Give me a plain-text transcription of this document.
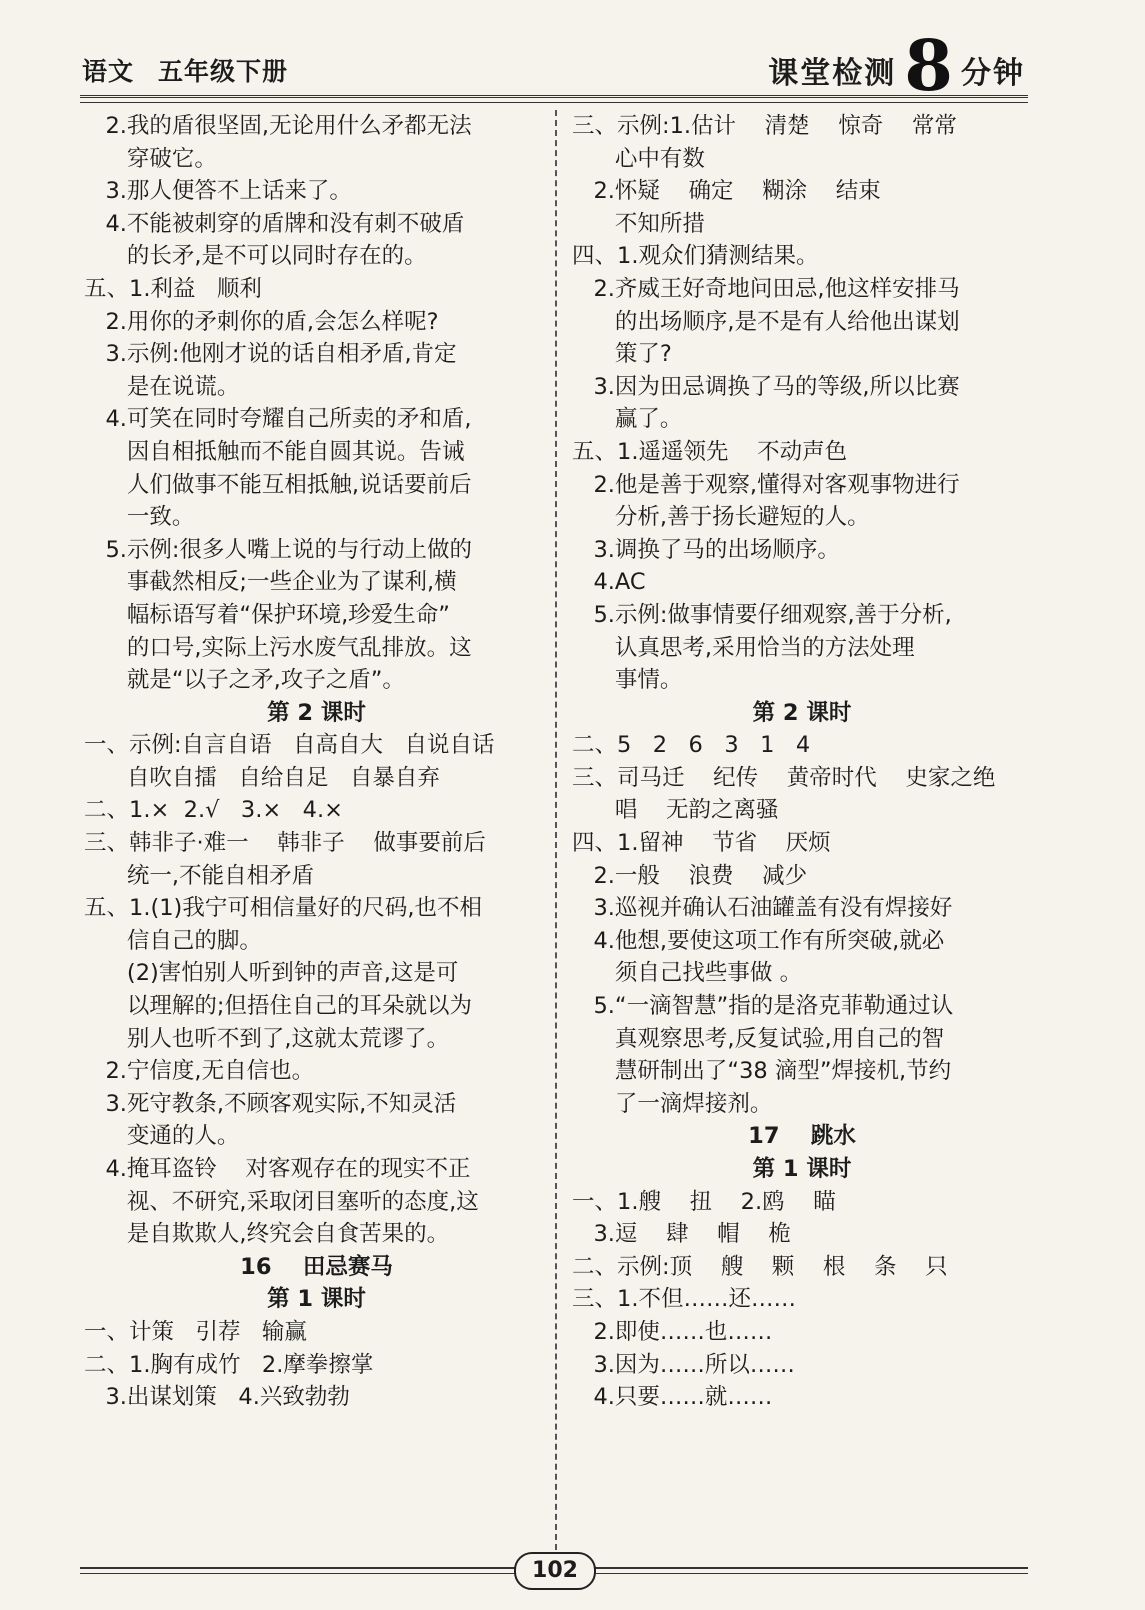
语文 五年级下册	课堂检测 8 分钟
2.我的盾很坚固,无论用什么矛都无法
穿破它。
3.那人便答不上话来了。
4.不能被刺穿的盾牌和没有刺不破盾
的长矛,是不可以同时存在的。
五、1.利益   顺利
2.用你的矛刺你的盾,会怎么样呢?
3.示例:他刚才说的话自相矛盾,肯定
是在说谎。
4.可笑在同时夸耀自己所卖的矛和盾,
因自相抵触而不能自圆其说。告诫
人们做事不能互相抵触,说话要前后
一致。
5.示例:很多人嘴上说的与行动上做的
事截然相反;一些企业为了谋利,横
幅标语写着“保护环境,珍爱生命”
的口号,实际上污水废气乱排放。这
就是“以子之矛,攻子之盾”。
第 2 课时
一、示例:自言自语   自高自大   自说自话
自吹自擂   自给自足   自暴自弃
二、1.×  2.√   3.×   4.×
三、韩非子·难一    韩非子    做事要前后
统一,不能自相矛盾
五、1.(1)我宁可相信量好的尺码,也不相
信自己的脚。
(2)害怕别人听到钟的声音,这是可
以理解的;但捂住自己的耳朵就以为
别人也听不到了,这就太荒谬了。
2.宁信度,无自信也。
3.死守教条,不顾客观实际,不知灵活
变通的人。
4.掩耳盗铃    对客观存在的现实不正
视、不研究,采取闭目塞听的态度,这
是自欺欺人,终究会自食苦果的。
16    田忌赛马
第 1 课时
一、计策   引荐   输赢
二、1.胸有成竹   2.摩拳擦掌
3.出谋划策   4.兴致勃勃
三、示例:1.估计    清楚    惊奇    常常
心中有数
2.怀疑    确定    糊涂    结束
不知所措
四、1.观众们猜测结果。
2.齐威王好奇地问田忌,他这样安排马
的出场顺序,是不是有人给他出谋划
策了?
3.因为田忌调换了马的等级,所以比赛
赢了。
五、1.遥遥领先    不动声色
2.他是善于观察,懂得对客观事物进行
分析,善于扬长避短的人。
3.调换了马的出场顺序。
4.AC
5.示例:做事情要仔细观察,善于分析,
认真思考,采用恰当的方法处理
事情。
第 2 课时
二、5   2   6   3   1   4
三、司马迁    纪传    黄帝时代    史家之绝
唱    无韵之离骚
四、1.留神    节省    厌烦
2.一般    浪费    减少
3.巡视并确认石油罐盖有没有焊接好
4.他想,要使这项工作有所突破,就必
须自己找些事做 。
5.“一滴智慧”指的是洛克菲勒通过认
真观察思考,反复试验,用自己的智
慧研制出了“38 滴型”焊接机,节约
了一滴焊接剂。
17    跳水
第 1 课时
一、1.艘    扭    2.鸥    瞄
3.逗    肆    帽    桅
二、示例:顶    艘    颗    根    条    只
三、1.不但……还……
2.即使……也……
3.因为……所以……
4.只要……就……
102
